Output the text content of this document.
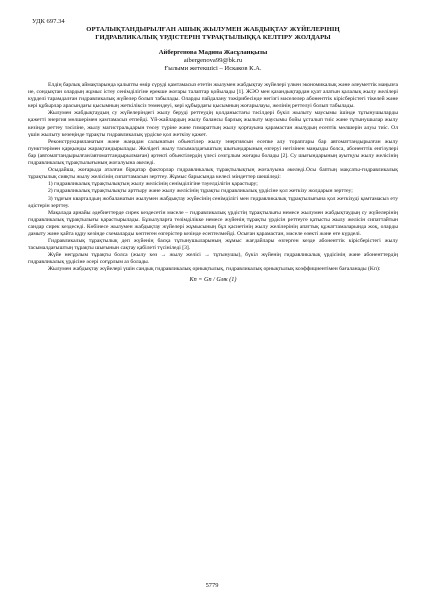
УДК 697.34
ОРТАЛЫҚТАНДЫРЫЛҒАН АШЫҚ ЖЫЛУМЕН ЖАБДЫҚТАУ ЖҮЙЕЛЕРІНІҢ
ГИДРАВЛИКАЛЫҚ ҮРДІСТЕРІН ТҰРАҚТЫЛЫҚҚА КЕЛТІРУ ЖОЛДАРЫ
Айбергенова Мадина Жасұланқызы
aibergenova99@bk.ru
Ғылыми жетекшісі – Искаков К.А.

Елдің барлық аймақтарында қалыпты өмір сүруді қамтамасыз ететін жылумен жабдықтау жүйелері үлкен экономикалық және әлеуметтік маңызға ие, сондықтан олардың жұмыс істеу сенімділігіне ерекше жоғары талаптар қойылады [1]. ЖЭО мен қазандықтардан қуат алатын қалалық жылу желілері күрделі тарамдалған гидравликалық жүйелер болып табылады. Оларды пайдалану тәжірибесінде негізгі мәселелер абоненттік кірісберістегі тікелей және кері құбырлар арасындағы қысымның жеткіліксіз төмендеуі, кері құбырдағы қысымның жоғарылауы, желінің реттелуі болып табылады.

Жылумен жабдықтаудың су жүйелеріндегі жылу беруді реттеудің қолданыстағы тәсілдері бүкіл жылыту маусымы ішінде тұтынушыларды қажетті энергия мөлшерімен қамтамасыз етпейді. Үй-жайлардың жылу балансы барлық жылыту маусымы бойы ұсталып тиіс және тұтынушылар жылу кезінде реттеу тәсіліне, жылу магистральдарын төсеу түріне және гимараттың жылу қорғауына қарамастан жылудың есептік мөлшерін алуы тиіс. Ол үшін жылыту кезеңінде тұрақты гидравликалық үрдіске қол жеткізу қажет.

Реконструкцияланатын және жаңадан салынатын объектілер жылу энергиясын есепке алу торапгары бар автоматтандырылған жылу пункттерімен қарқынды жарақтандырылады. Желідегі жылу тасымалдағыштың шығындарының өзгеруі негізінен маңызды болса, абоненттік енгізулері бар (автоматтандырылған/автоматтандырылмаған) әртектi объектiлердiң үлесі сөзгұлым жоғары болады [2]. Су шығындарының ауытқуы жылу желісінің гидравликалық тұрақтылығының жоғалуына әкеледі.

Осыдайша, жоғарыда аталған бірқатар факторлар гидравликалық тұрақтылықтың жоғалуына әкеледі.Осы баптың мақсаты-гидравликалық тұрақтылық сияқты жылу желісінің сипаттамасын зерттеу. Жұмыс барысында келесі міндеттер шешіледі:

1) гидравликалық тұрақтылықтың жылу желісінің сенімділігіне тәуелділігін қарастыру;

2) гидравликалық тұрақтылықты арттыру және жылу желісінің тұрақты гидравликалық үрдісіне қол жеткізу жолдарын зерттеу;

3) тұрғын кварталдың жобаланатын жылумен жабдықтау жүйесінің сенімділігі мен гидравликалық тұрақтылығына қол жеткізуді қамтамасыз ету әдістерін зерттеу.

Мақалада арнайы әдебиеттерде сирек кездесетін мәселе – гидравликалық үрдістің тұрақтылығы немесе жылумен жабдықтаудың су жүйелерінің гидравликалық тұрақтылығы қарастырылады. Бұзылуларға төзімділікке немесе жүйенің тұрақты үрдісін реттеуге қатысты жылу желісін сипаттайтын сандар сирек кездеседі. Көбінесе жылумен жабдықтау жүйелері жұмысының бұл қасиетінің жылу желілерінің апаттық құжаттамаларында жоқ, оларды дамыту және қайта құру кезінде схемаларды көптеген өзгерістер кезінде есептелмейді. Осыған қарамастан, мәселе өзекті және өте күрделі.

Гидравликалық тұрақтылық деп жүйенің басқа тұтынушыларының жұмыс жағдайлары өзгерген кезде абоненттік кірісберістегі жылу тасымалдағыштың тұрақты шығынын сақтау қабілеті түсініледі [3].

Жүйе негұрлым тұрақты болса (жылу көз → жылу желісі → тұтынушы), бүкіл жүйенің гидравликалық үрдісінің және абоненттердің гидравликалық үрдісіне әсері соғұрлым аз болады.

Жылумен жабдықтау жүйелері үшін сандық гидравликалық орнықтылық, гидравликалық орнықтылық коэффициентімен бағаланады (Kп):

Kп = Gп / Gмк (1)
5779
